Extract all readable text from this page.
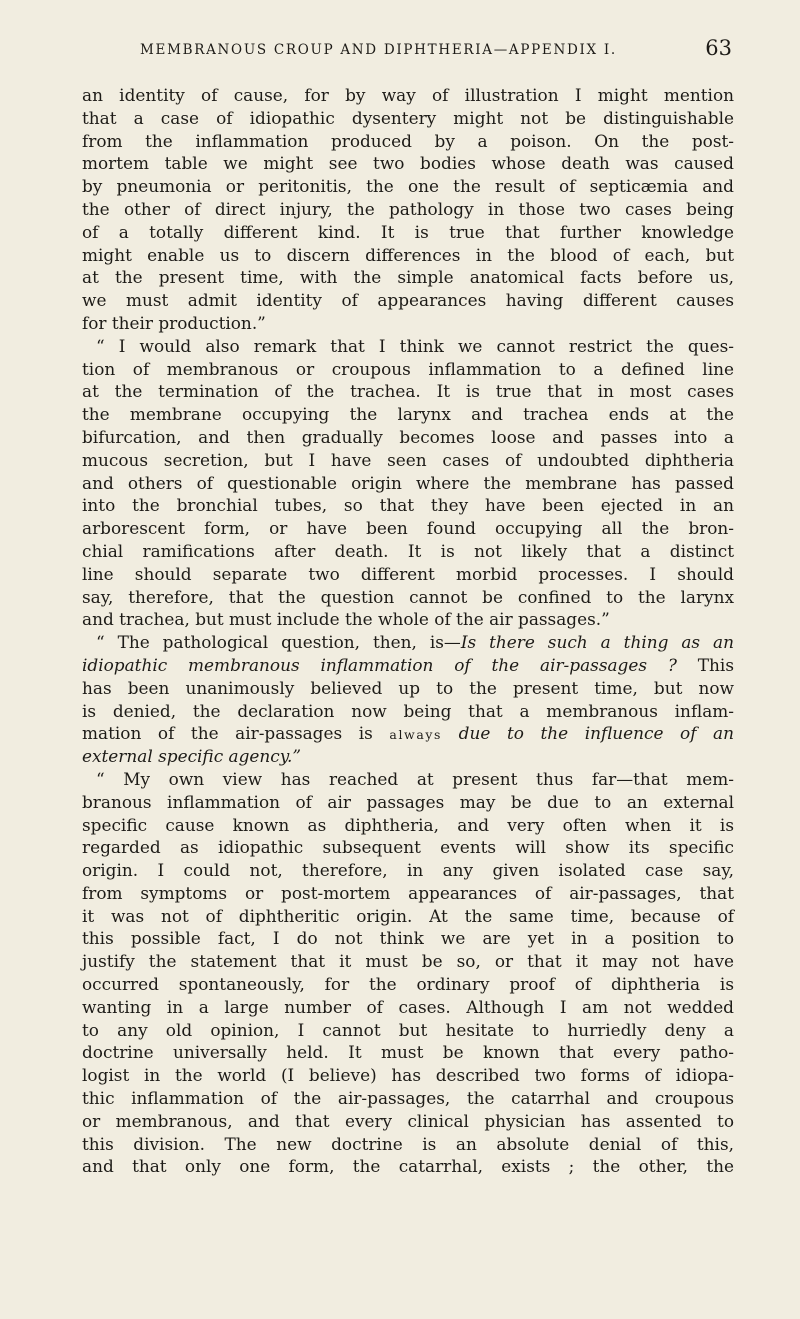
MEMBRANOUS CROUP AND DIPHTHERIA—APPENDIX I.	63
an identity of cause, for by way of illustration I might mention
that a case of idiopathic dysentery might not be distinguishable
from the inflammation produced by a poison. On the post-
mortem table we might see two bodies whose death was caused
by pneumonia or peritonitis, the one the result of septicæmia and
the other of direct injury, the pathology in those two cases being
of a totally different kind. It is true that further knowledge
might enable us to discern differences in the blood of each, but
at the present time, with the simple anatomical facts before us,
we must admit identity of appearances having different causes
for their production.”
“ I would also remark that I think we cannot restrict the ques-
tion of membranous or croupous inflammation to a defined line
at the termination of the trachea. It is true that in most cases
the membrane occupying the larynx and trachea ends at the
bifurcation, and then gradually becomes loose and passes into a
mucous secretion, but I have seen cases of undoubted diphtheria
and others of questionable origin where the membrane has passed
into the bronchial tubes, so that they have been ejected in an
arborescent form, or have been found occupying all the bron-
chial ramifications after death. It is not likely that a distinct
line should separate two different morbid processes. I should
say, therefore, that the question cannot be confined to the larynx
and trachea, but must include the whole of the air passages.”
“ The pathological question, then, is—Is there such a thing as an
idiopathic membranous inflammation of the air-passages ? This
has been unanimously believed up to the present time, but now
is denied, the declaration now being that a membranous inflam-
mation of the air-passages is always due to the influence of an
external specific agency.”
“ My own view has reached at present thus far—that mem-
branous inflammation of air passages may be due to an external
specific cause known as diphtheria, and very often when it is
regarded as idiopathic subsequent events will show its specific
origin. I could not, therefore, in any given isolated case say,
from symptoms or post-mortem appearances of air-passages, that
it was not of diphtheritic origin. At the same time, because of
this possible fact, I do not think we are yet in a position to
justify the statement that it must be so, or that it may not have
occurred spontaneously, for the ordinary proof of diphtheria is
wanting in a large number of cases. Although I am not wedded
to any old opinion, I cannot but hesitate to hurriedly deny a
doctrine universally held. It must be known that every patho-
logist in the world (I believe) has described two forms of idiopa-
thic inflammation of the air-passages, the catarrhal and croupous
or membranous, and that every clinical physician has assented to
this division. The new doctrine is an absolute denial of this,
and that only one form, the catarrhal, exists ; the other, the
